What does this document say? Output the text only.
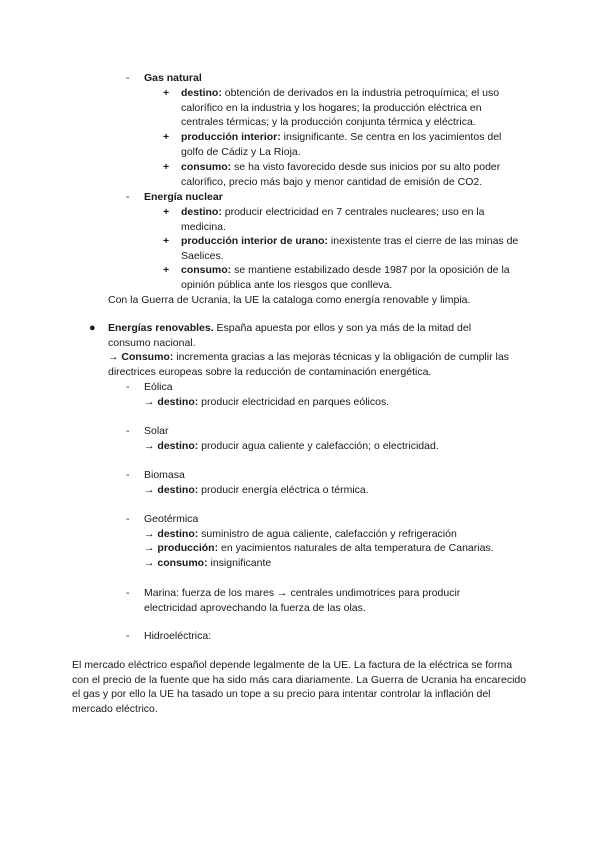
-	Gas natural
+	destino: obtención de derivados en la industria petroquímica; el uso calorífico en la industria y los hogares; la producción eléctrica en centrales térmicas; y la producción conjunta térmica y eléctrica.
+	producción interior: insignificante. Se centra en los yacimientos del golfo de Cádiz y La Rioja.
+	consumo: se ha visto favorecido desde sus inicios por su alto poder calorífico, precio más bajo y menor cantidad de emisión de CO2.
-	Energía nuclear
+	destino: producir electricidad en 7 centrales nucleares; uso en la medicina.
+	producción interior de urano: inexistente tras el cierre de las minas de Saelices.
+	consumo: se mantiene estabilizado desde 1987 por la oposición de la opinión pública ante los riesgos que conlleva.
Con la Guerra de Ucrania, la UE la cataloga como energía renovable y limpia.
● Energías renovables. España apuesta por ellos y son ya más de la mitad del consumo nacional.
→ Consumo: incrementa gracias a las mejoras técnicas y la obligación de cumplir las directrices europeas sobre la reducción de contaminación energética.
-	Eólica
→ destino: producir electricidad en parques eólicos.
-	Solar
→ destino: producir agua caliente y calefacción; o electricidad.
-	Biomasa
→ destino: producir energía eléctrica o térmica.
-	Geotérmica
→ destino: suministro de agua caliente, calefacción y refrigeración
→ producción: en yacimientos naturales de alta temperatura de Canarias.
→ consumo: insignificante
-	Marina: fuerza de los mares → centrales undimotrices para producir electricidad aprovechando la fuerza de las olas.
-	Hidroeléctrica:
El mercado eléctrico español depende legalmente de la UE. La factura de la eléctrica se forma con el precio de la fuente que ha sido más cara diariamente. La Guerra de Ucrania ha encarecido el gas y por ello la UE ha tasado un tope a su precio para intentar controlar la inflación del mercado eléctrico.
